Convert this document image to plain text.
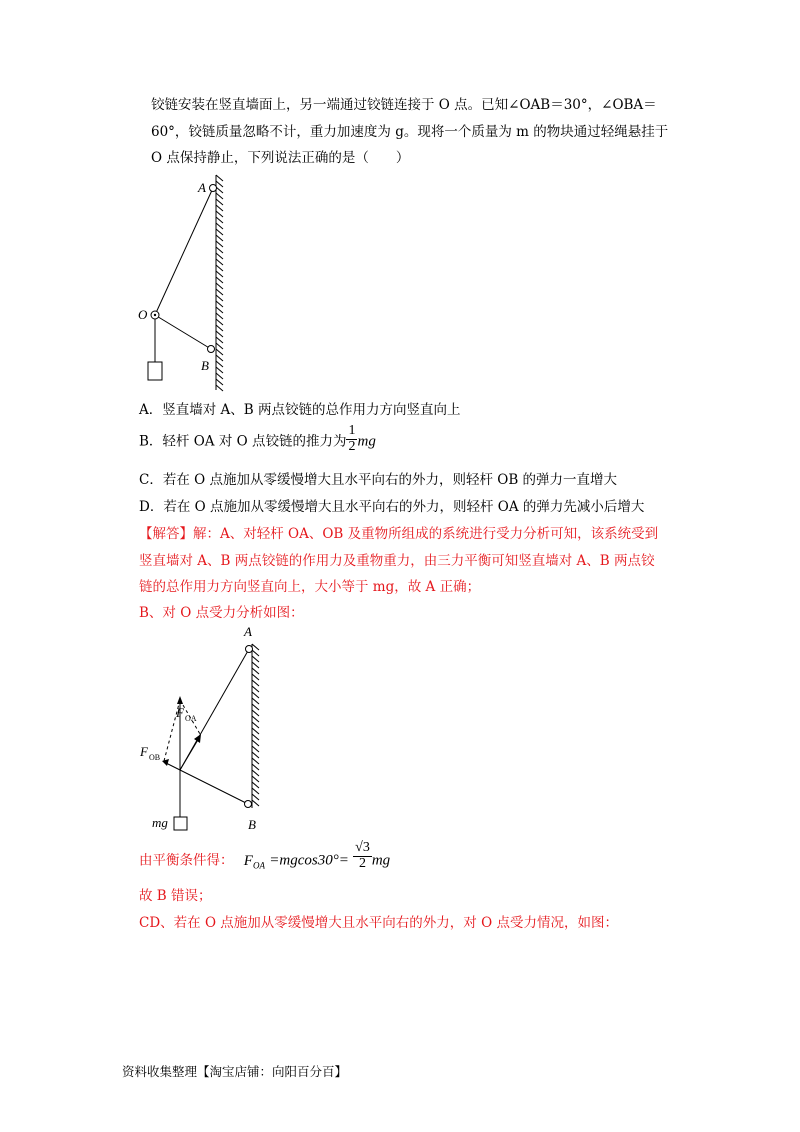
铰链安装在竖直墙面上，另一端通过铰链连接于 O 点。已知∠OAB＝30°，∠OBA＝
60°，铰链质量忽略不计，重力加速度为 g。现将一个质量为 m 的物块通过轻绳悬挂于
O 点保持静止，下列说法正确的是（　　）
A
O
B
A．竖直墙对 A、B 两点铰链的总作用力方向竖直向上
B．轻杆 OA 对 O 点铰链的推力为 $\frac{1}{2}$ mg
C．若在 O 点施加从零缓慢增大且水平向右的外力，则轻杆 OB 的弹力一直增大
D．若在 O 点施加从零缓慢增大且水平向右的外力，则轻杆 OA 的弹力先减小后增大
【解答】解：A、对轻杆 OA、OB 及重物所组成的系统进行受力分析可知，该系统受到
竖直墙对 A、B 两点铰链的作用力及重物重力，由三力平衡可知竖直墙对 A、B 两点铰
链的总作用力方向竖直向上，大小等于 mg，故 A 正确；
B、对 O 点受力分析如图：
A
B
F OA
F OB
mg
由平衡条件得： $F_{OA} =mgcos30^\circ= \frac{√3}{2}$ mg
故 B 错误；
CD、若在 O 点施加从零缓慢增大且水平向右的外力，对 O 点受力情况，如图：
资料收集整理【淘宝店铺：向阳百分百】
